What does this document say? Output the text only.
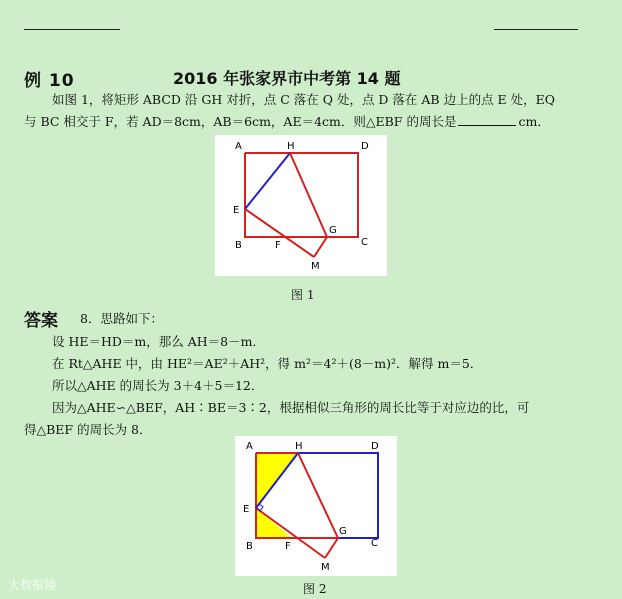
例 10	2016 年张家界市中考第 14 题
如图 1，将矩形 ABCD 沿 GH 对折，点 C 落在 Q 处，点 D 落在 AB 边上的点 E 处，EQ
与 BC 相交于 F，若 AD＝8cm，AB＝6cm，AE＝4cm．则△EBF 的周长是	cm．
A	H	D
E
B	F
G
C
M
图 1
答案 8．思路如下：
设 HE＝HD＝m，那么 AH＝8－m．
在 Rt△AHE 中，由 HE²＝AE²＋AH²，得 m²＝4²＋(8－m)²．解得 m＝5．
所以△AHE 的周长为 3＋4＋5＝12．
因为△AHE∽△BEF，AH∶BE＝3∶2，根据相似三角形的周长比等于对应边的比，可
得△BEF 的周长为 8．
A	H	D
E
B	F
G
C
M
图 2
大数据镜
